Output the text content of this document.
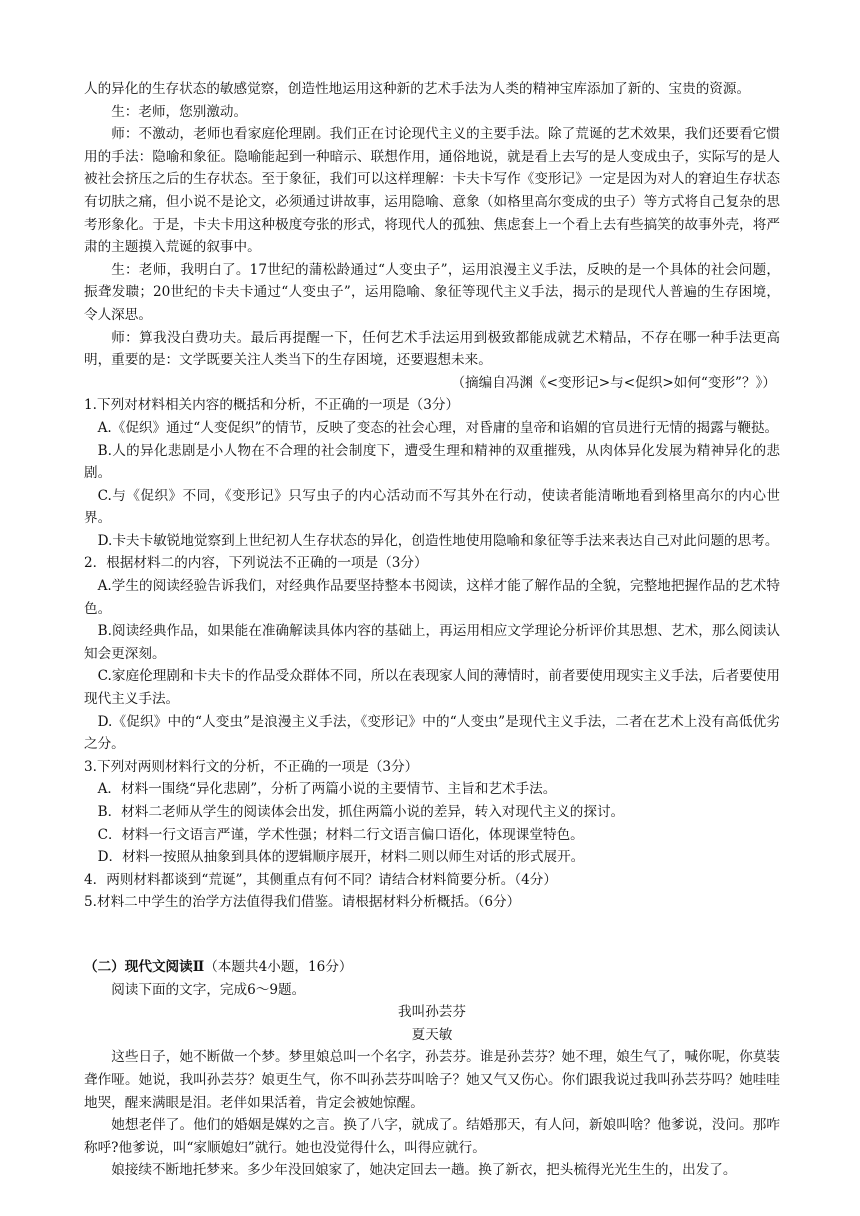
人的异化的生存状态的敏感觉察，创造性地运用这种新的艺术手法为人类的精神宝库添加了新的、宝贵的资源。

生：老师，您别激动。

师：不激动，老师也看家庭伦理剧。我们正在讨论现代主义的主要手法。除了荒诞的艺术效果，我们还要看它惯用的手法：隐喻和象征。隐喻能起到一种暗示、联想作用，通俗地说，就是看上去写的是人变成虫子，实际写的是人被社会挤压之后的生存状态。至于象征，我们可以这样理解：卡夫卡写作《变形记》一定是因为对人的窘迫生存状态有切肤之痛，但小说不是论文，必须通过讲故事，运用隐喻、意象（如格里高尔变成的虫子）等方式将自己复杂的思考形象化。于是，卡夫卡用这种极度夸张的形式，将现代人的孤独、焦虑套上一个看上去有些搞笑的故事外壳，将严肃的主题摸入荒诞的叙事中。

生：老师，我明白了。17世纪的蒲松龄通过“人变虫子”，运用浪漫主义手法，反映的是一个具体的社会问题，振聋发聩；20世纪的卡夫卡通过“人变虫子”，运用隐喻、象征等现代主义手法，揭示的是现代人普遍的生存困境，令人深思。

师：算我没白费功夫。最后再提醒一下，任何艺术手法运用到极致都能成就艺术精品，不存在哪一种手法更高明，重要的是：文学既要关注人类当下的生存困境，还要遐想未来。

（摘编自冯渊《<变形记>与<促织>如何“变形”？》）

1.下列对材料相关内容的概括和分析，不正确的一项是（3分）

A.《促织》通过“人变促织”的情节，反映了变态的社会心理，对昏庸的皇帝和谄媚的官员进行无情的揭露与鞭挞。

B.人的异化悲剧是小人物在不合理的社会制度下，遭受生理和精神的双重摧残，从肉体异化发展为精神异化的悲剧。

C.与《促织》不同，《变形记》只写虫子的内心活动而不写其外在行动，使读者能清晰地看到格里高尔的内心世界。

D.卡夫卡敏锐地觉察到上世纪初人生存状态的异化，创造性地使用隐喻和象征等手法来表达自己对此问题的思考。

2．根据材料二的内容，下列说法不正确的一项是（3分）

A.学生的阅读经验告诉我们，对经典作品要坚持整本书阅读，这样才能了解作品的全貌，完整地把握作品的艺术特色。

B.阅读经典作品，如果能在准确解读具体内容的基础上，再运用相应文学理论分析评价其思想、艺术，那么阅读认知会更深刻。

C.家庭伦理剧和卡夫卡的作品受众群体不同，所以在表现家人间的薄情时，前者要使用现实主义手法，后者要使用现代主义手法。

D.《促织》中的“人变虫”是浪漫主义手法，《变形记》中的“人变虫”是现代主义手法，二者在艺术上没有高低优劣之分。

3.下列对两则材料行文的分析，不正确的一项是（3分）

A．材料一围绕“异化悲剧”，分析了两篇小说的主要情节、主旨和艺术手法。

B．材料二老师从学生的阅读体会出发，抓住两篇小说的差异，转入对现代主义的探讨。

C．材料一行文语言严谨，学术性强；材料二行文语言偏口语化，体现课堂特色。

D．材料一按照从抽象到具体的逻辑顺序展开，材料二则以师生对话的形式展开。

4．两则材料都谈到“荒诞”，其侧重点有何不同？请结合材料简要分析。（4分）

5.材料二中学生的治学方法值得我们借鉴。请根据材料分析概括。（6分）

（二）现代文阅读Ⅱ（本题共4小题，16分）

阅读下面的文字，完成6～9题。

我叫孙芸芬

夏天敏

这些日子，她不断做一个梦。梦里娘总叫一个名字，孙芸芬。谁是孙芸芬？她不理，娘生气了，喊你呢，你莫装聋作哑。她说，我叫孙芸芬？娘更生气，你不叫孙芸芬叫啥子？她又气又伤心。你们跟我说过我叫孙芸芬吗？她哇哇地哭，醒来满眼是泪。老伴如果活着，肯定会被她惊醒。

她想老伴了。他们的婚姻是媒妁之言。换了八字，就成了。结婚那天，有人问，新娘叫啥？他爹说，没问。那咋称呼?他爹说，叫“家顺媳妇”就行。她也没觉得什么，叫得应就行。

娘接续不断地托梦来。多少年没回娘家了，她决定回去一趟。换了新衣，把头梳得光光生生的，出发了。
